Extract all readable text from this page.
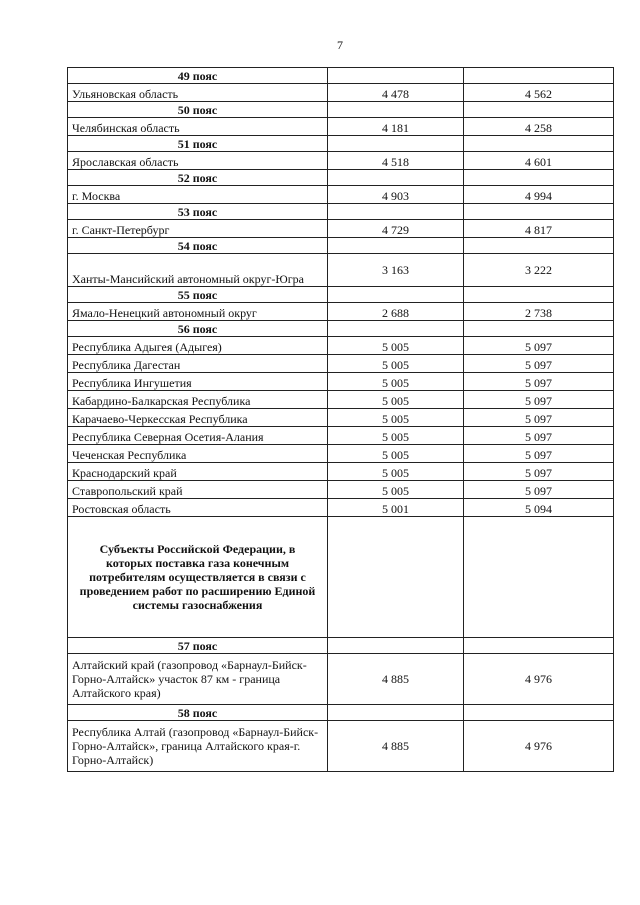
7
49 пояс		
Ульяновская область	4 478	4 562
50 пояс		
Челябинская область	4 181	4 258
51 пояс		
Ярославская область	4 518	4 601
52 пояс		
г. Москва	4 903	4 994
53 пояс		
г. Санкт-Петербург	4 729	4 817
54 пояс		
Ханты-Мансийский автономный округ-Югра	3 163	3 222
55 пояс		
Ямало-Ненецкий автономный округ	2 688	2 738
56 пояс		
Республика Адыгея (Адыгея)	5 005	5 097
Республика Дагестан	5 005	5 097
Республика Ингушетия	5 005	5 097
Кабардино-Балкарская Республика	5 005	5 097
Карачаево-Черкесская Республика	5 005	5 097
Республика Северная Осетия-Алания	5 005	5 097
Чеченская Республика	5 005	5 097
Краснодарский край	5 005	5 097
Ставропольский край	5 005	5 097
Ростовская область	5 001	5 094
Субъекты Российской Федерации, в которых поставка газа конечным потребителям осуществляется в связи с проведением работ по расширению Единой системы газоснабжения		
57 пояс		
Алтайский край (газопровод «Барнаул-Бийск-Горно-Алтайск» участок 87 км - граница Алтайского края)	4 885	4 976
58 пояс		
Республика Алтай (газопровод «Барнаул-Бийск-Горно-Алтайск», граница Алтайского края-г. Горно-Алтайск)	4 885	4 976
